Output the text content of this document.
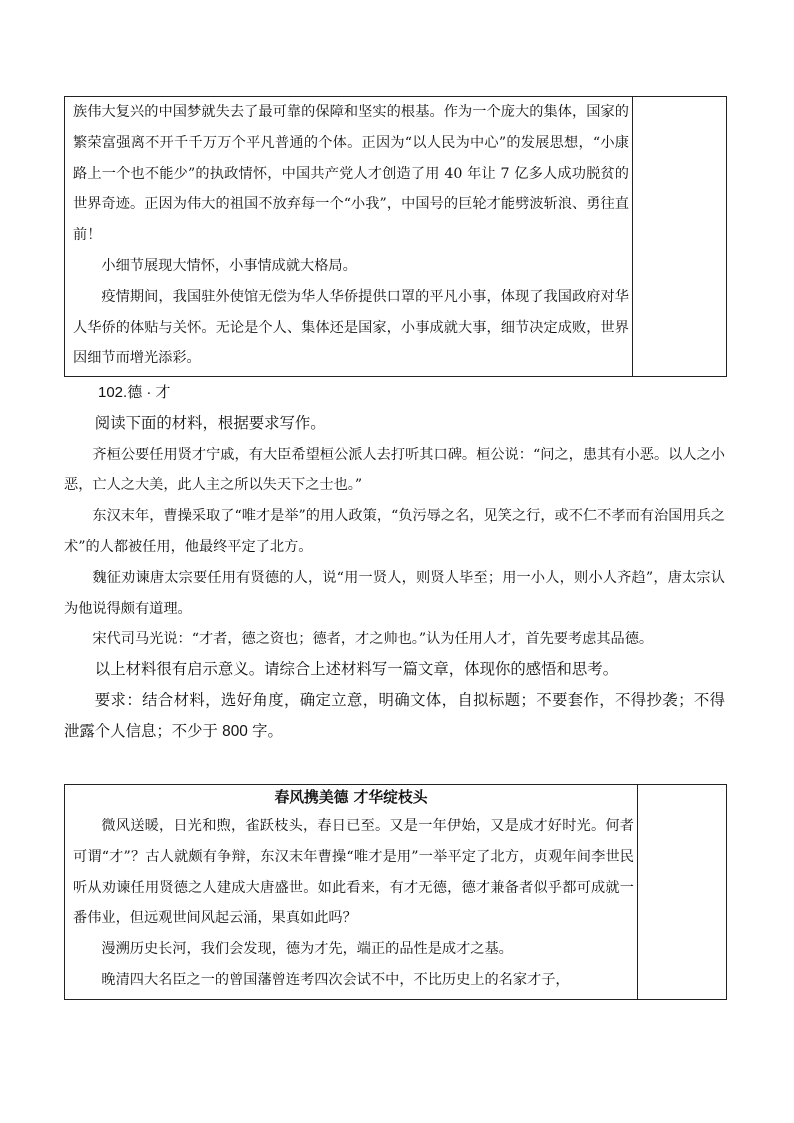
族伟大复兴的中国梦就失去了最可靠的保障和坚实的根基。作为一个庞大的集体，国家的繁荣富强离不开千千万万个平凡普通的个体。正因为“以人民为中心”的发展思想，“小康路上一个也不能少”的执政情怀，中国共产党人才创造了用 40 年让 7 亿多人成功脱贫的世界奇迹。正因为伟大的祖国不放弃每一个“小我”，中国号的巨轮才能劈波斩浪、勇往直前！

小细节展现大情怀，小事情成就大格局。

疫情期间，我国驻外使馆无偿为华人华侨提供口罩的平凡小事，体现了我国政府对华人华侨的体贴与关怀。无论是个人、集体还是国家，小事成就大事，细节决定成败，世界因细节而增光添彩。

102.德 · 才

阅读下面的材料，根据要求写作。

齐桓公要任用贤才宁戚，有大臣希望桓公派人去打听其口碑。桓公说：“问之，患其有小恶。以人之小恶，亡人之大美，此人主之所以失天下之士也。”

东汉末年，曹操采取了“唯才是举”的用人政策，“负污辱之名，见笑之行，或不仁不孝而有治国用兵之术”的人都被任用，他最终平定了北方。

魏征劝谏唐太宗要任用有贤德的人，说“用一贤人，则贤人毕至；用一小人，则小人齐趋”，唐太宗认为他说得颇有道理。

宋代司马光说：“才者，德之资也；德者，才之帅也。”认为任用人才，首先要考虑其品德。

以上材料很有启示意义。请综合上述材料写一篇文章，体现你的感悟和思考。

要求：结合材料，选好角度，确定立意，明确文体，自拟标题；不要套作，不得抄袭；不得泄露个人信息；不少于 800 字。

春风携美德 才华绽枝头

微风送暖，日光和煦，雀跃枝头，春日已至。又是一年伊始，又是成才好时光。何者可谓“才”？古人就颇有争辩，东汉末年曹操“唯才是用”一举平定了北方，贞观年间李世民听从劝谏任用贤德之人建成大唐盛世。如此看来，有才无德，德才兼备者似乎都可成就一番伟业，但远观世间风起云涌，果真如此吗？

漫溯历史长河，我们会发现，德为才先，端正的品性是成才之基。

晚清四大名臣之一的曾国藩曾连考四次会试不中，不比历史上的名家才子，
